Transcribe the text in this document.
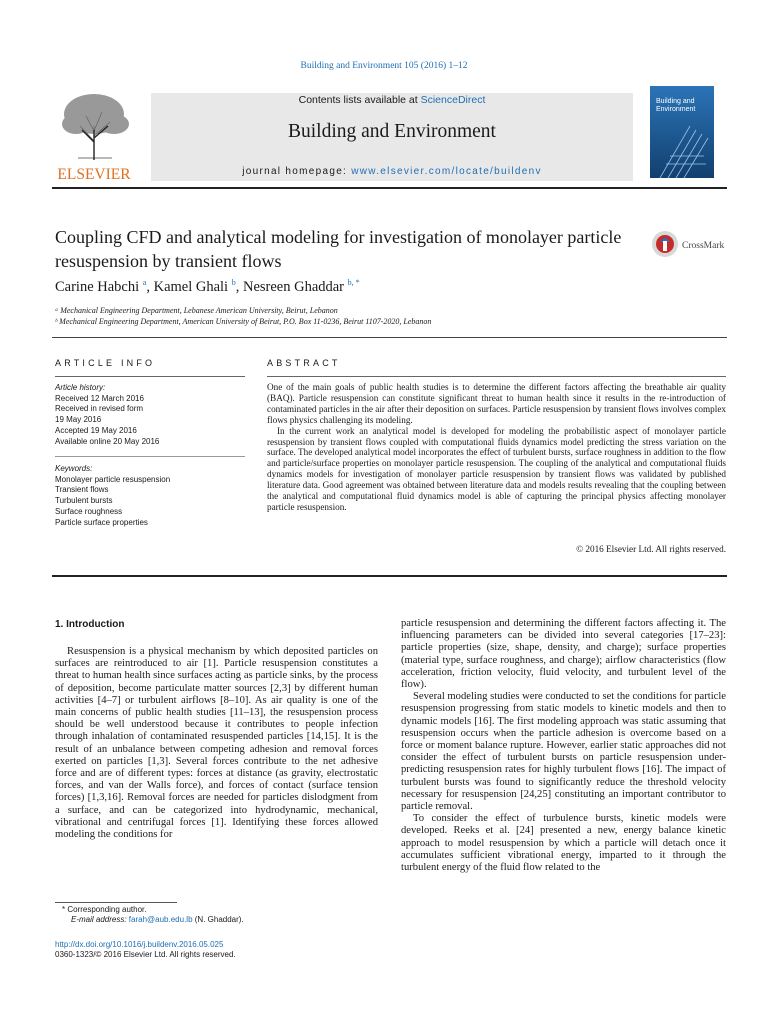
Building and Environment 105 (2016) 1–12
ELSEVIER
Contents lists available at ScienceDirect
Building and Environment
journal homepage: www.elsevier.com/locate/buildenv
Building and
Environment
Coupling CFD and analytical modeling for investigation of monolayer particle resuspension by transient flows
CrossMark
Carine Habchi $^a$, Kamel Ghali $^b$, Nesreen Ghaddar $^{b, *}$
ᵃ Mechanical Engineering Department, Lebanese American University, Beirut, Lebanon
ᵇ Mechanical Engineering Department, American University of Beirut, P.O. Box 11-0236, Beirut 1107-2020, Lebanon
ARTICLE INFO
Article history:
Received 12 March 2016
Received in revised form
19 May 2016
Accepted 19 May 2016
Available online 20 May 2016
Keywords:
Monolayer particle resuspension
Transient flows
Turbulent bursts
Surface roughness
Particle surface properties
ABSTRACT

One of the main goals of public health studies is to determine the different factors affecting the breathable air quality (BAQ). Particle resuspension can constitute significant threat to human health since it results in the re-introduction of contaminated particles in the air after their deposition on surfaces. Particle resuspension by transient flows involves complex flows physics challenging its modeling.

In the current work an analytical model is developed for modeling the probabilistic aspect of monolayer particle resuspension by transient flows coupled with computational fluids dynamics model predicting the stress variation on the surface. The developed analytical model incorporates the effect of turbulent bursts, surface roughness in addition to the flow and particle/surface properties on monolayer particle resuspension. The coupling of the analytical and computational fluids dynamics models for investigation of monolayer particle resuspension by transient flows was validated by published literature data. Good agreement was obtained between literature data and models results revealing that the coupling between the analytical and computational fluid dynamics model is able of capturing the principal physics affecting monolayer particle resuspension.

© 2016 Elsevier Ltd. All rights reserved.
1. Introduction

Resuspension is a physical mechanism by which deposited particles on surfaces are reintroduced to air [1]. Particle resuspension constitutes a threat to human health since surfaces acting as particle sinks, by the process of deposition, become particulate matter sources [2,3] by different human activities [4–7] or turbulent airflows [8–10]. As air quality is one of the main concerns of public health studies [11–13], the resuspension process should be well understood because it contributes to people infection through inhalation of contaminated resuspended particles [14,15]. It is the result of an unbalance between competing adhesion and removal forces exerted on particles [1,3]. Several forces contribute to the net adhesive force and are of different types: forces at distance (as gravity, electrostatic forces, and van der Walls force), and forces of contact (surface tension forces) [1,3,16]. Removal forces are needed for particles dislodgment from a surface, and can be categorized into hydrodynamic, mechanical, vibrational and centrifugal forces [1]. Identifying these forces allowed modeling the conditions for

particle resuspension and determining the different factors affecting it. The influencing parameters can be divided into several categories [17–23]: particle properties (size, shape, density, and charge); surface properties (material type, surface roughness, and charge); airflow characteristics (flow acceleration, friction velocity, fluid velocity, and turbulent level of the flow).

Several modeling studies were conducted to set the conditions for particle resuspension progressing from static models to kinetic models and then to dynamic models [16]. The first modeling approach was static assuming that resuspension occurs when the particle adhesion is overcome based on a force or moment balance rupture. However, earlier static approaches did not consider the effect of turbulent bursts on particle resuspension under-predicting resuspension rates for highly turbulent flows [16]. The impact of turbulent bursts was found to significantly reduce the threshold velocity necessary for resuspension [24,25] constituting an important contributor to particle removal.

To consider the effect of turbulence bursts, kinetic models were developed. Reeks et al. [24] presented a new, energy balance kinetic approach to model resuspension by which a particle will detach once it accumulates sufficient vibrational energy, imparted to it through the turbulent energy of the fluid flow related to the

* Corresponding author.
E-mail address: farah@aub.edu.lb (N. Ghaddar).
http://dx.doi.org/10.1016/j.buildenv.2016.05.025
0360-1323/© 2016 Elsevier Ltd. All rights reserved.
